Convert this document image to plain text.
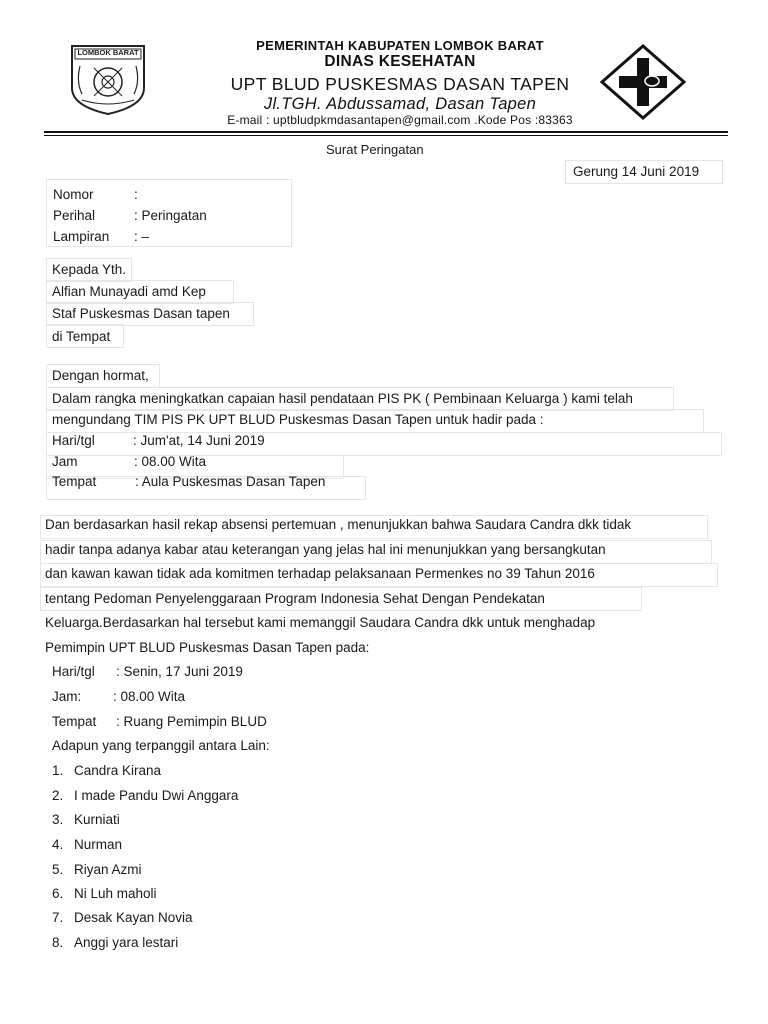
LOMBOK BARAT	PEMERINTAH KABUPATEN LOMBOK BARAT
DINAS KESEHATAN
UPT BLUD PUSKESMAS DASAN TAPEN
Jl.TGH. Abdussamad, Dasan Tapen
E-mail : uptbludpkmdasantapen@gmail.com .Kode Pos :83363
Surat Peringatan
Gerung 14 Juni 2019
Nomor	:
Perihal	: Peringatan
Lampiran : –
Kepada Yth.
Alfian Munayadi amd Kep
Staf Puskesmas Dasan tapen
di Tempat
Dengan hormat,
Dalam rangka meningkatkan capaian hasil pendataan PIS PK ( Pembinaan Keluarga ) kami telah
mengundang TIM PIS PK UPT BLUD Puskesmas Dasan Tapen untuk hadir pada :
Hari/tgl	: Jum'at, 14 Juni 2019
Jam	: 08.00 Wita
Tempat	: Aula Puskesmas Dasan Tapen
Dan berdasarkan hasil rekap absensi pertemuan , menunjukkan bahwa Saudara Candra dkk tidak
hadir tanpa adanya kabar atau keterangan yang jelas hal ini menunjukkan yang bersangkutan
dan kawan kawan tidak ada komitmen terhadap pelaksanaan Permenkes no 39 Tahun 2016
tentang Pedoman Penyelenggaraan Program Indonesia Sehat Dengan Pendekatan
Keluarga.Berdasarkan hal tersebut kami memanggil Saudara Candra dkk untuk menghadap
Pemimpin UPT BLUD Puskesmas Dasan Tapen pada:
Hari/tgl : Senin, 17 Juni 2019
Jam: : 08.00 Wita
Tempat : Ruang Pemimpin BLUD
Adapun yang terpanggil antara Lain:
1. Candra Kirana
2. I made Pandu Dwi Anggara
3. Kurniati
4. Nurman
5. Riyan Azmi
6. Ni Luh maholi
7. Desak Kayan Novia
8. Anggi yara lestari
